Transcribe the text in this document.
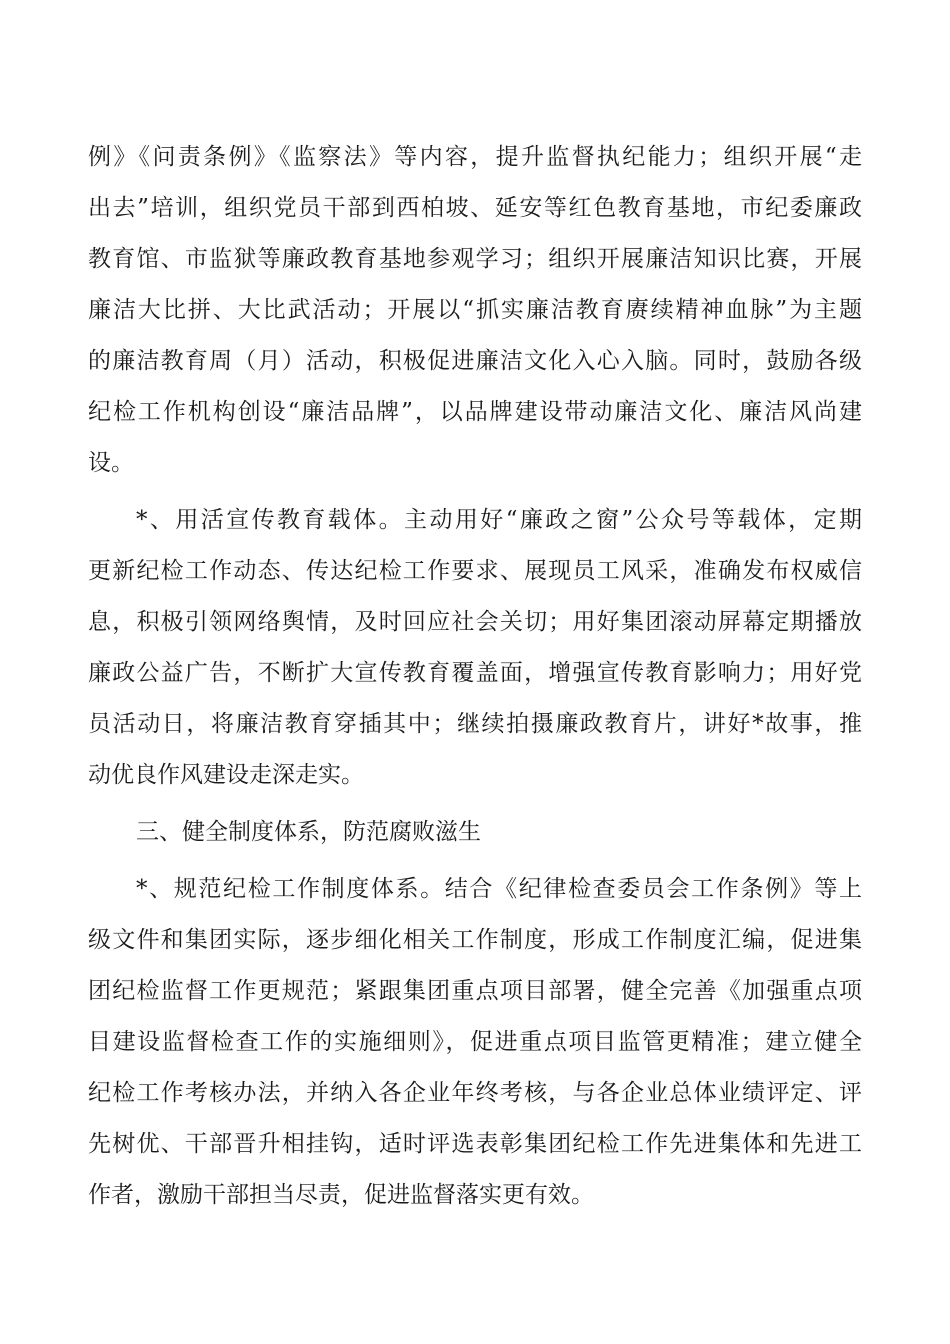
例》《问责条例》《监察法》等内容，提升监督执纪能力；组织开展“走
出去”培训，组织党员干部到西柏坡、延安等红色教育基地，市纪委廉政
教育馆、市监狱等廉政教育基地参观学习；组织开展廉洁知识比赛，开展
廉洁大比拼、大比武活动；开展以“抓实廉洁教育赓续精神血脉”为主题
的廉洁教育周（月）活动，积极促进廉洁文化入心入脑。同时，鼓励各级
纪检工作机构创设“廉洁品牌”，以品牌建设带动廉洁文化、廉洁风尚建
设。
*、用活宣传教育载体。主动用好“廉政之窗”公众号等载体，定期
更新纪检工作动态、传达纪检工作要求、展现员工风采，准确发布权威信
息，积极引领网络舆情，及时回应社会关切；用好集团滚动屏幕定期播放
廉政公益广告，不断扩大宣传教育覆盖面，增强宣传教育影响力；用好党
员活动日，将廉洁教育穿插其中；继续拍摄廉政教育片，讲好*故事，推
动优良作风建设走深走实。
三、健全制度体系，防范腐败滋生
*、规范纪检工作制度体系。结合《纪律检查委员会工作条例》等上
级文件和集团实际，逐步细化相关工作制度，形成工作制度汇编，促进集
团纪检监督工作更规范；紧跟集团重点项目部署，健全完善《加强重点项
目建设监督检查工作的实施细则》，促进重点项目监管更精准；建立健全
纪检工作考核办法，并纳入各企业年终考核，与各企业总体业绩评定、评
先树优、干部晋升相挂钩，适时评选表彰集团纪检工作先进集体和先进工
作者，激励干部担当尽责，促进监督落实更有效。
